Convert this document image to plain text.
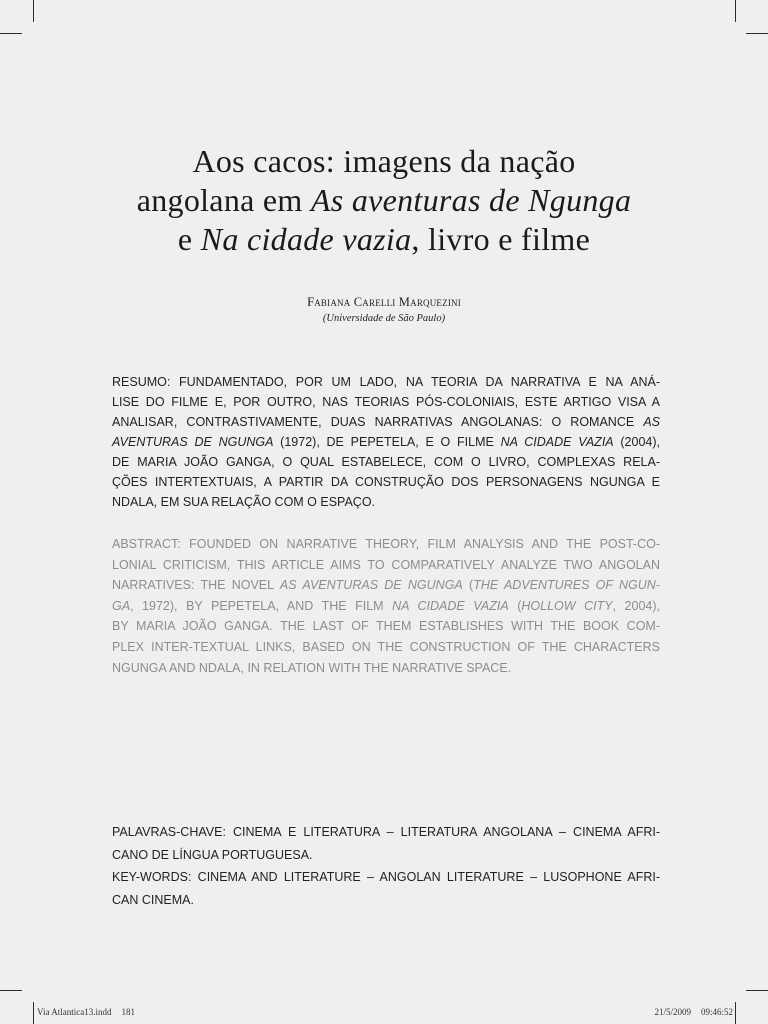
Aos cacos: imagens da nação
angolana em As aventuras de Ngunga
e Na cidade vazia, livro e filme
Fabiana Carelli Marquezini
(Universidade de São Paulo)
RESUMO: FUNDAMENTADO, POR UM LADO, NA TEORIA DA NARRATIVA E NA ANÁ-
LISE DO FILME E, POR OUTRO, NAS TEORIAS PÓS-COLONIAIS, ESTE ARTIGO VISA A
ANALISAR, CONTRASTIVAMENTE, DUAS NARRATIVAS ANGOLANAS: O ROMANCE AS
AVENTURAS DE NGUNGA (1972), DE PEPETELA, E O FILME NA CIDADE VAZIA (2004),
DE MARIA JOÃO GANGA, O QUAL ESTABELECE, COM O LIVRO, COMPLEXAS RELA-
ÇÕES INTERTEXTUAIS, A PARTIR DA CONSTRUÇÃO DOS PERSONAGENS NGUNGA E
NDALA, EM SUA RELAÇÃO COM O ESPAÇO.
ABSTRACT: FOUNDED ON NARRATIVE THEORY, FILM ANALYSIS AND THE POST-CO-
LONIAL CRITICISM, THIS ARTICLE AIMS TO COMPARATIVELY ANALYZE TWO ANGOLAN
NARRATIVES: THE NOVEL AS AVENTURAS DE NGUNGA (THE ADVENTURES OF NGUN-
GA, 1972), BY PEPETELA, AND THE FILM NA CIDADE VAZIA (HOLLOW CITY, 2004),
BY MARIA JOÃO GANGA. THE LAST OF THEM ESTABLISHES WITH THE BOOK COM-
PLEX INTER-TEXTUAL LINKS, BASED ON THE CONSTRUCTION OF THE CHARACTERS
NGUNGA AND NDALA, IN RELATION WITH THE NARRATIVE SPACE.
PALAVRAS-CHAVE: CINEMA E LITERATURA – LITERATURA ANGOLANA – CINEMA AFRI-
CANO DE LÍNGUA PORTUGUESA.
KEY-WORDS: CINEMA AND LITERATURE – ANGOLAN LITERATURE – LUSOPHONE AFRI-
CAN CINEMA.
Via Atlantica13.indd 181	21/5/2009 09:46:52
